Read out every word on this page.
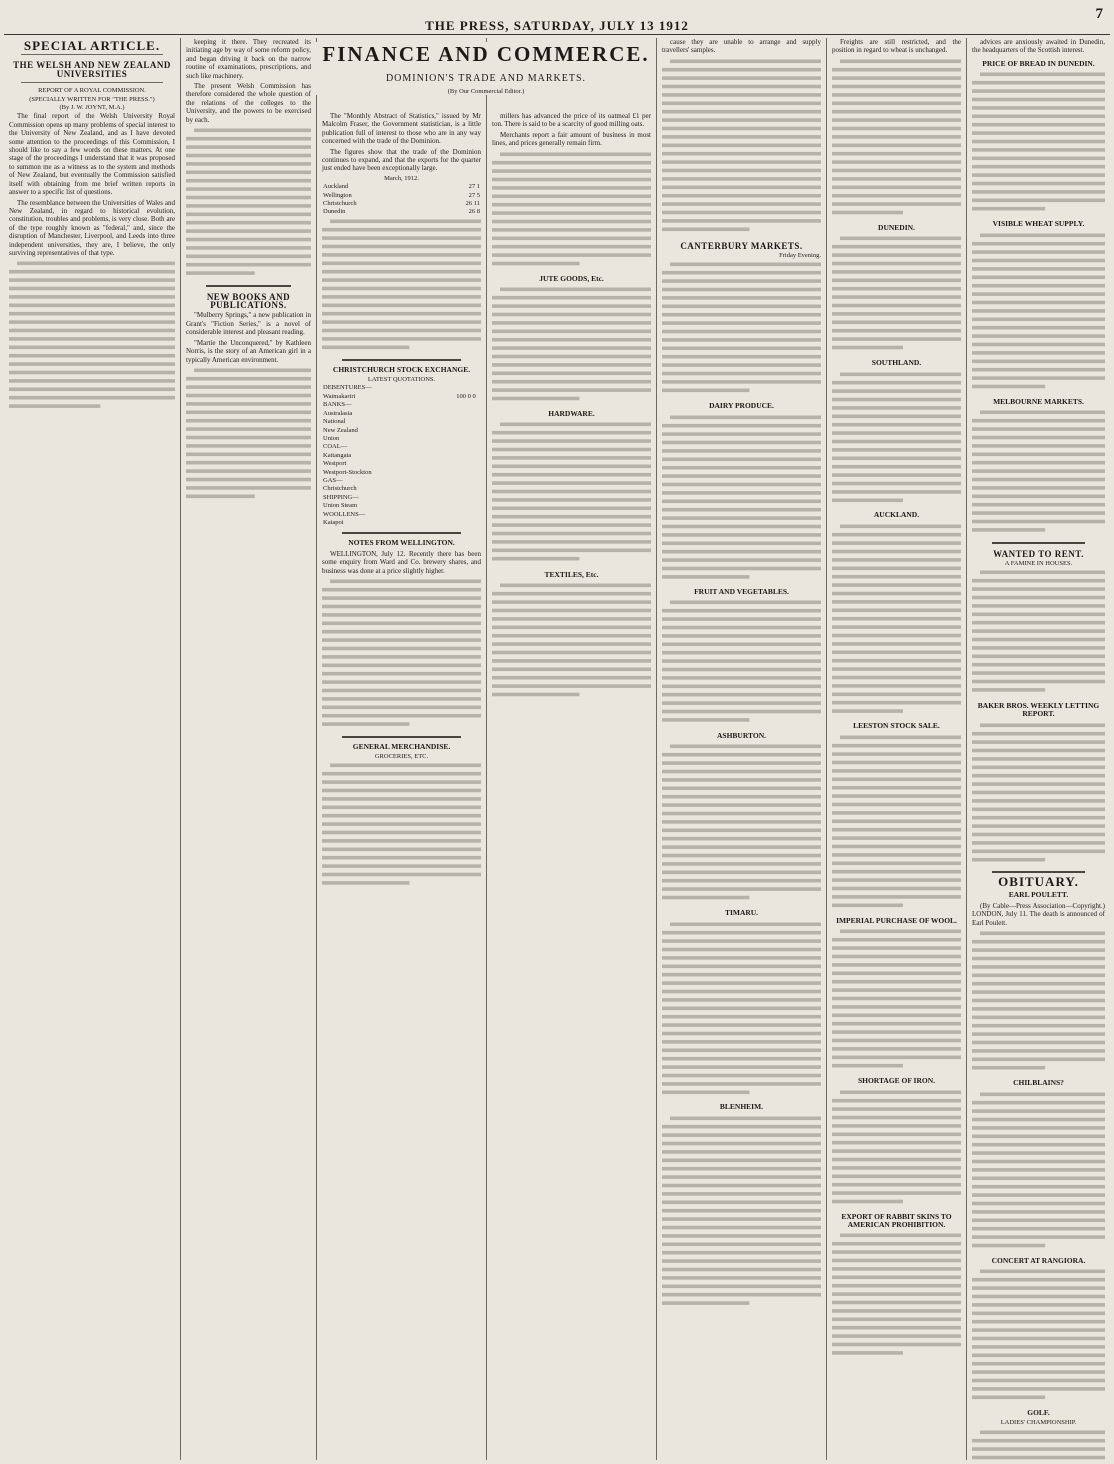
THE PRESS, SATURDAY, JULY 13 1912
7
SPECIAL ARTICLE.
THE WELSH AND NEW ZEALAND UNIVERSITIES
REPORT OF A ROYAL COMMISSION.
(SPECIALLY WRITTEN FOR "THE PRESS.")
(By J. W. JOYNT, M.A.)

The final report of the Welsh University Royal Commission opens up many problems of special interest to the University of New Zealand, and as I have devoted some attention to the proceedings of this Commission, I should like to say a few words on these matters. At one stage of the proceedings I understand that it was proposed to summon me as a witness as to the system and methods of New Zealand, but eventually the Commission satisfied itself with obtaining from me brief written reports in answer to a specific list of questions.

The resemblance between the Universities of Wales and New Zealand, in regard to historical evolution, constitution, troubles and problems, is very close. Both are of the type roughly known as "federal," and, since the disruption of Manchester, Liverpool, and Leeds into three independent universities, they are, I believe, the only surviving representatives of that type.

keeping it there. They recreated its initiating age by way of some reform policy, and began driving it back on the narrow routine of examinations, prescriptions, and such like machinery.

The present Welsh Commission has therefore considered the whole question of the relations of the colleges to the University, and the powers to be exercised by each.

NEW BOOKS AND PUBLICATIONS.

"Mulberry Springs," a new publication in Grant's "Fiction Series," is a novel of considerable interest and pleasant reading.

"Martie the Unconquered," by Kathleen Norris, is the story of an American girl in a typically American environment.

The "Monthly Abstract of Statistics," issued by Mr Malcolm Fraser, the Government statistician, is a little publication full of interest to those who are in any way concerned with the trade of the Dominion.

The figures show that the trade of the Dominion continues to expand, and that the exports for the quarter just ended have been exceptionally large.

March, 1912.
Auckland	27 1
Wellington	27 5
Christchurch	26 11
Dunedin	26 8
CHRISTCHURCH STOCK EXCHANGE.
LATEST QUOTATIONS.
DEBENTURES—		
Waimakariri	100 0 0	
BANKS—		
Australasia		
National		
New Zealand		
Union		
COAL—		
Kaitangata		
Westport		
Westport-Stockton		
GAS—		
Christchurch		
SHIPPING—		
Union Steam		
WOOLLENS—		
Kaiapoi		
NOTES FROM WELLINGTON.

WELLINGTON, July 12. Recently there has been some enquiry from Ward and Co. brewery shares, and business was done at a price slightly higher.

GENERAL MERCHANDISE.
GROCERIES, ETC.

millers has advanced the price of its oatmeal £1 per ton. There is said to be a scarcity of good milling oats.

Merchants report a fair amount of business in most lines, and prices generally remain firm.

JUTE GOODS, Etc.
HARDWARE.
TEXTILES, Etc.

cause they are unable to arrange and supply travellers' samples.

CANTERBURY MARKETS.
Friday Evening.
DAIRY PRODUCE.
FRUIT AND VEGETABLES.
ASHBURTON.
TIMARU.
BLENHEIM.

Freights are still restricted, and the position in regard to wheat is unchanged.

DUNEDIN.
SOUTHLAND.
AUCKLAND.
LEESTON STOCK SALE.
IMPERIAL PURCHASE OF WOOL.
SHORTAGE OF IRON.
EXPORT OF RABBIT SKINS TO AMERICAN PROHIBITION.

advices are anxiously awaited in Dunedin, the headquarters of the Scottish interest.

PRICE OF BREAD IN DUNEDIN.
VISIBLE WHEAT SUPPLY.
MELBOURNE MARKETS.
WANTED TO RENT.
A FAMINE IN HOUSES.
BAKER BROS. WEEKLY LETTING REPORT.
OBITUARY.
EARL POULETT.

(By Cable—Press Association—Copyright.) LONDON, July 11. The death is announced of Earl Poulett.

CHILBLAINS?
CONCERT AT RANGIORA.
GOLF.
LADIES' CHAMPIONSHIP.
FINANCE AND COMMERCE.
DOMINION'S TRADE AND MARKETS.
(By Our Commercial Editor.)
